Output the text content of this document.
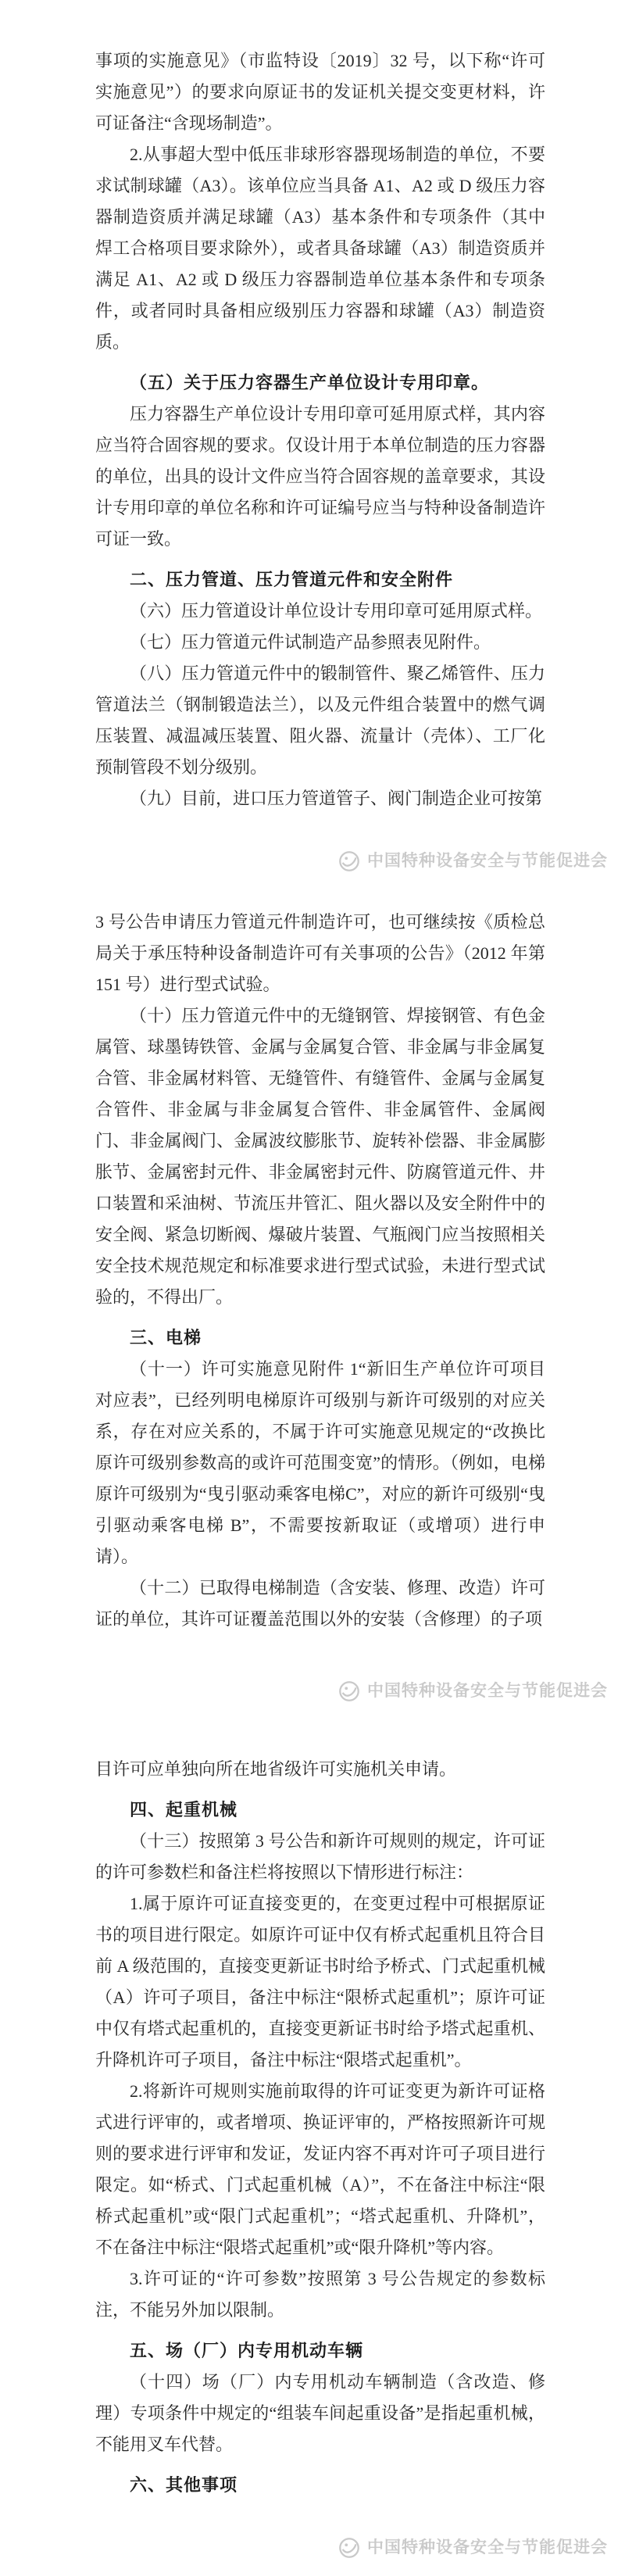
事项的实施意见》（市监特设〔2019〕32 号，以下称“许可实施意见”）的要求向原证书的发证机关提交变更材料，许可证备注“含现场制造”。

2.从事超大型中低压非球形容器现场制造的单位，不要求试制球罐（A3）。该单位应当具备 A1、A2 或 D 级压力容器制造资质并满足球罐（A3）基本条件和专项条件（其中焊工合格项目要求除外），或者具备球罐（A3）制造资质并满足 A1、A2 或 D 级压力容器制造单位基本条件和专项条件，或者同时具备相应级别压力容器和球罐（A3）制造资质。

（五）关于压力容器生产单位设计专用印章。

压力容器生产单位设计专用印章可延用原式样，其内容应当符合固容规的要求。仅设计用于本单位制造的压力容器的单位，出具的设计文件应当符合固容规的盖章要求，其设计专用印章的单位名称和许可证编号应当与特种设备制造许可证一致。

二、压力管道、压力管道元件和安全附件

（六）压力管道设计单位设计专用印章可延用原式样。

（七）压力管道元件试制造产品参照表见附件。

（八）压力管道元件中的锻制管件、聚乙烯管件、压力管道法兰（钢制锻造法兰），以及元件组合装置中的燃气调压装置、减温减压装置、阻火器、流量计（壳体）、工厂化预制管段不划分级别。

（九）目前，进口压力管道管子、阀门制造企业可按第

中国特种设备安全与节能促进会

3 号公告申请压力管道元件制造许可，也可继续按《质检总局关于承压特种设备制造许可有关事项的公告》（2012 年第151 号）进行型式试验。

（十）压力管道元件中的无缝钢管、焊接钢管、有色金属管、球墨铸铁管、金属与金属复合管、非金属与非金属复合管、非金属材料管、无缝管件、有缝管件、金属与金属复合管件、非金属与非金属复合管件、非金属管件、金属阀门、非金属阀门、金属波纹膨胀节、旋转补偿器、非金属膨胀节、金属密封元件、非金属密封元件、防腐管道元件、井口装置和采油树、节流压井管汇、阻火器以及安全附件中的安全阀、紧急切断阀、爆破片装置、气瓶阀门应当按照相关安全技术规范规定和标准要求进行型式试验，未进行型式试验的，不得出厂。

三、电梯

（十一）许可实施意见附件 1“新旧生产单位许可项目对应表”，已经列明电梯原许可级别与新许可级别的对应关系，存在对应关系的，不属于许可实施意见规定的“改换比原许可级别参数高的或许可范围变宽”的情形。（例如，电梯原许可级别为“曳引驱动乘客电梯C”，对应的新许可级别“曳引驱动乘客电梯 B”，不需要按新取证（或增项）进行申请）。

（十二）已取得电梯制造（含安装、修理、改造）许可证的单位，其许可证覆盖范围以外的安装（含修理）的子项

中国特种设备安全与节能促进会

目许可应单独向所在地省级许可实施机关申请。

四、起重机械

（十三）按照第 3 号公告和新许可规则的规定，许可证的许可参数栏和备注栏将按照以下情形进行标注：

1.属于原许可证直接变更的，在变更过程中可根据原证书的项目进行限定。如原许可证中仅有桥式起重机且符合目前 A 级范围的，直接变更新证书时给予桥式、门式起重机械（A）许可子项目，备注中标注“限桥式起重机”；原许可证中仅有塔式起重机的，直接变更新证书时给予塔式起重机、升降机许可子项目，备注中标注“限塔式起重机”。

2.将新许可规则实施前取得的许可证变更为新许可证格式进行评审的，或者增项、换证评审的，严格按照新许可规则的要求进行评审和发证，发证内容不再对许可子项目进行限定。如“桥式、门式起重机械（A）”，不在备注中标注“限桥式起重机”或“限门式起重机”；“塔式起重机、升降机”，不在备注中标注“限塔式起重机”或“限升降机”等内容。

3.许可证的“许可参数”按照第 3 号公告规定的参数标注，不能另外加以限制。

五、场（厂）内专用机动车辆

（十四）场（厂）内专用机动车辆制造（含改造、修理）专项条件中规定的“组装车间起重设备”是指起重机械，不能用叉车代替。

六、其他事项

中国特种设备安全与节能促进会
